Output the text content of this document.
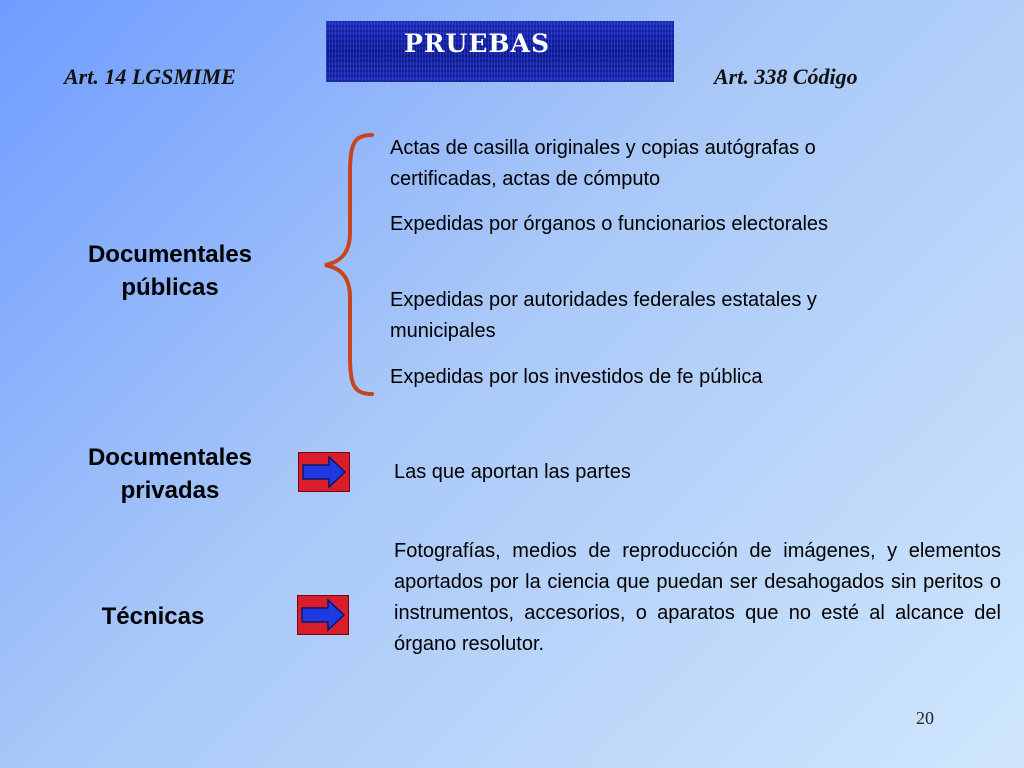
PRUEBAS
Art. 14 LGSMIME	Art. 338 Código
Documentales
públicas
Actas de casilla originales y copias autógrafas o certificadas, actas de cómputo
Expedidas por órganos o funcionarios electorales
Expedidas por autoridades federales estatales y municipales
Expedidas por los investidos de fe pública
Documentales
privadas
Las que aportan las partes
Técnicas
Fotografías, medios de reproducción de imágenes, y elementos aportados por la ciencia que puedan ser desahogados sin peritos o instrumentos, accesorios, o aparatos que no esté al alcance del órgano resolutor.
20
